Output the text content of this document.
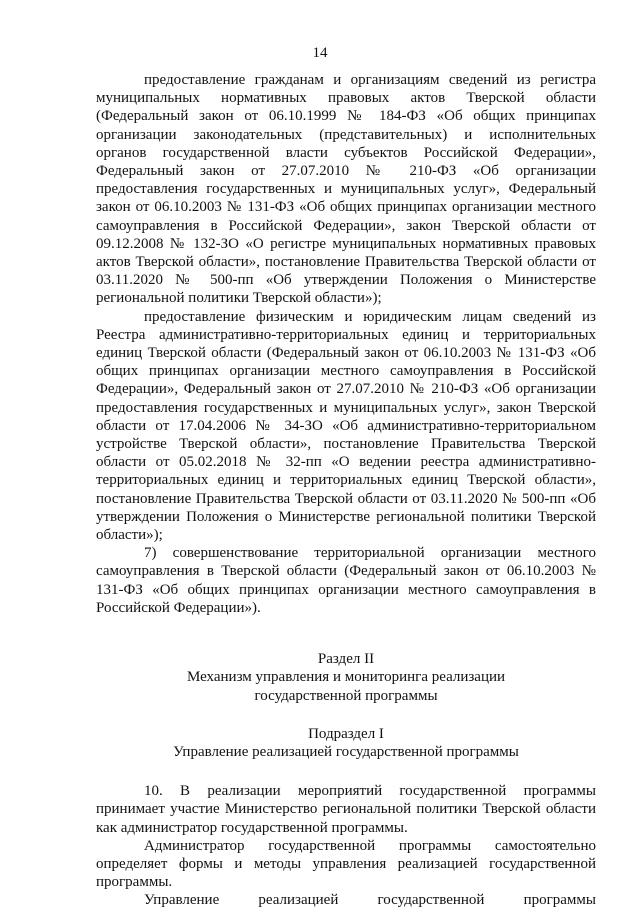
14

предоставление гражданам и организациям сведений из регистра муниципальных нормативных правовых актов Тверской области (Федеральный закон от 06.10.1999 № 184-ФЗ «Об общих принципах организации законодательных (представительных) и исполнительных органов государственной власти субъектов Российской Федерации», Федеральный закон от 27.07.2010 № 210-ФЗ «Об организации предоставления государственных и муниципальных услуг», Федеральный закон от 06.10.2003 № 131-ФЗ «Об общих принципах организации местного самоуправления в Российской Федерации», закон Тверской области от 09.12.2008 № 132-ЗО «О регистре муниципальных нормативных правовых актов Тверской области», постановление Правительства Тверской области от 03.11.2020 № 500-пп «Об утверждении Положения о Министерстве региональной политики Тверской области»);

предоставление физическим и юридическим лицам сведений из Реестра административно-территориальных единиц и территориальных единиц Тверской области (Федеральный закон от 06.10.2003 № 131-ФЗ «Об общих принципах организации местного самоуправления в Российской Федерации», Федеральный закон от 27.07.2010 № 210-ФЗ «Об организации предоставления государственных и муниципальных услуг», закон Тверской области от 17.04.2006 № 34-ЗО «Об административно-территориальном устройстве Тверской области», постановление Правительства Тверской области от 05.02.2018 № 32-пп «О ведении реестра административно-территориальных единиц и территориальных единиц Тверской области», постановление Правительства Тверской области от 03.11.2020 № 500-пп «Об утверждении Положения о Министерстве региональной политики Тверской области»);

7) совершенствование территориальной организации местного самоуправления в Тверской области (Федеральный закон от 06.10.2003 № 131-ФЗ «Об общих принципах организации местного самоуправления в Российской Федерации»).

Раздел II

Механизм управления и мониторинга реализации

государственной программы

Подраздел I

Управление реализацией государственной программы

10. В реализации мероприятий государственной программы принимает участие Министерство региональной политики Тверской области как администратор государственной программы.

Администратор государственной программы самостоятельно определяет формы и методы управления реализацией государственной программы.

Управление реализацией государственной программы
